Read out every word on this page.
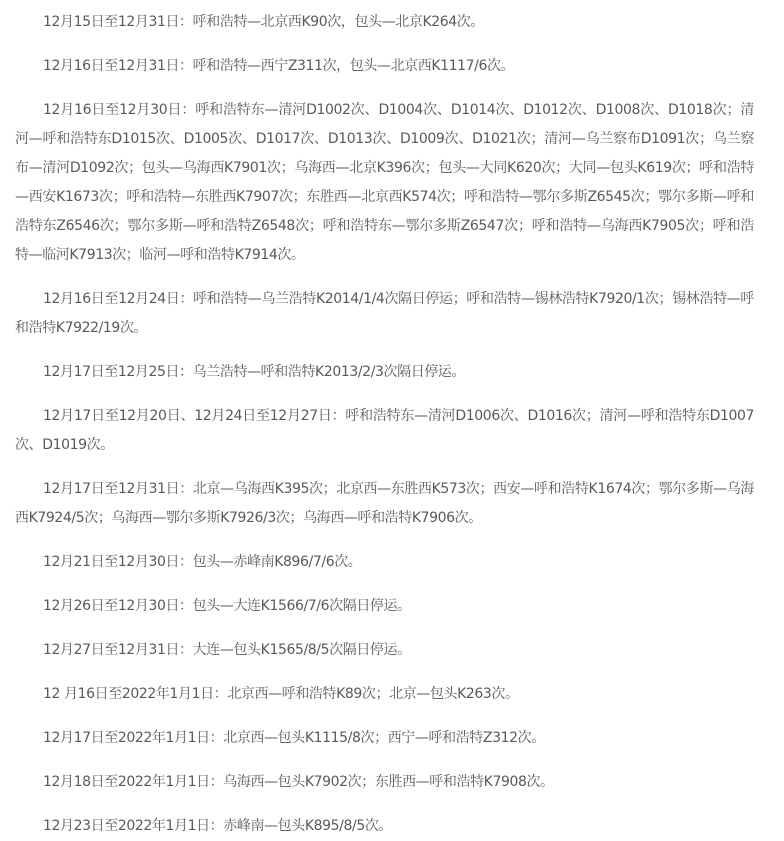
12月15日至12月31日：呼和浩特—北京西K90次，包头—北京K264次。

12月16日至12月31日：呼和浩特—西宁Z311次，包头—北京西K1117/6次。

12月16日至12月30日：呼和浩特东—清河D1002次、D1004次、D1014次、D1012次、D1008次、D1018次；清河—呼和浩特东D1015次、D1005次、D1017次、D1013次、D1009次、D1021次；清河—乌兰察布D1091次；乌兰察布—清河D1092次；包头—乌海西K7901次；乌海西—北京K396次；包头—大同K620次；大同—包头K619次；呼和浩特—西安K1673次；呼和浩特—东胜西K7907次；东胜西—北京西K574次；呼和浩特—鄂尔多斯Z6545次；鄂尔多斯—呼和浩特东Z6546次；鄂尔多斯—呼和浩特Z6548次；呼和浩特东—鄂尔多斯Z6547次；呼和浩特—乌海西K7905次；呼和浩特—临河K7913次；临河—呼和浩特K7914次。

12月16日至12月24日：呼和浩特—乌兰浩特K2014/1/4次隔日停运；呼和浩特—锡林浩特K7920/1次；锡林浩特—呼和浩特K7922/19次。

12月17日至12月25日：乌兰浩特—呼和浩特K2013/2/3次隔日停运。

12月17日至12月20日、12月24日至12月27日：呼和浩特东—清河D1006次、D1016次；清河—呼和浩特东D1007次、D1019次。

12月17日至12月31日：北京—乌海西K395次；北京西—东胜西K573次；西安—呼和浩特K1674次；鄂尔多斯—乌海西K7924/5次；乌海西—鄂尔多斯K7926/3次；乌海西—呼和浩特K7906次。

12月21日至12月30日：包头—赤峰南K896/7/6次。

12月26日至12月30日：包头—大连K1566/7/6次隔日停运。

12月27日至12月31日：大连—包头K1565/8/5次隔日停运。

12 月16日至2022年1月1日：北京西—呼和浩特K89次；北京—包头K263次。

12月17日至2022年1月1日：北京西—包头K1115/8次；西宁—呼和浩特Z312次。

12月18日至2022年1月1日：乌海西—包头K7902次；东胜西—呼和浩特K7908次。

12月23日至2022年1月1日：赤峰南—包头K895/8/5次。
